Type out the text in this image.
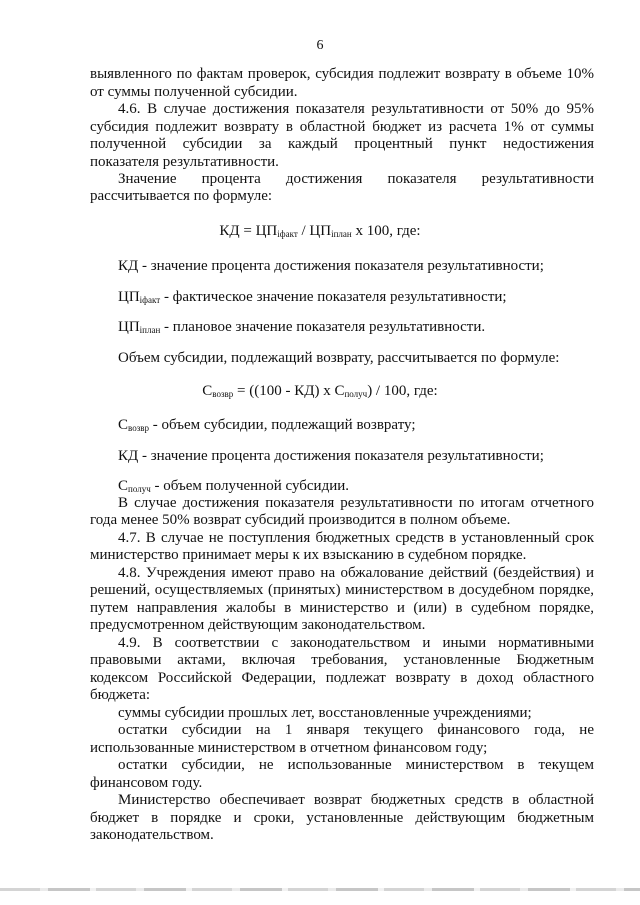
6
выявленного по фактам проверок, субсидия подлежит возврату в объеме 10%
от суммы полученной субсидии.
4.6. В случае достижения показателя результативности от 50% до 95%
субсидия подлежит возврату в областной бюджет из расчета 1% от суммы
полученной субсидии за каждый процентный пункт недостижения
показателя результативности.
Значение процента достижения показателя результативности
рассчитывается по формуле:
КД = $ЦП_{iфакт} / ЦП_{iплан}$ x 100, где:
КД - значение процента достижения показателя результативности;
$ЦП_{iфакт}$ - фактическое значение показателя результативности;
$ЦП_{iплан}$ - плановое значение показателя результативности.
Объем субсидии, подлежащий возврату, рассчитывается по формуле:
$С_{возвр} = ((100 - КД)$ х $С_{получ}) / 100$, где:
$С_{возвр}$ - объем субсидии, подлежащий возврату;
КД - значение процента достижения показателя результативности;
$С_{получ}$ - объем полученной субсидии.
В случае достижения показателя результативности по итогам отчетного
года менее 50% возврат субсидий производится в полном объеме.
4.7. В случае не поступления бюджетных средств в установленный срок
министерство принимает меры к их взысканию в судебном порядке.
4.8. Учреждения имеют право на обжалование действий (бездействия) и
решений, осуществляемых (принятых) министерством в досудебном порядке,
путем направления жалобы в министерство и (или) в судебном порядке,
предусмотренном действующим законодательством.
4.9. В соответствии с законодательством и иными нормативными
правовыми актами, включая требования, установленные Бюджетным
кодексом Российской Федерации, подлежат возврату в доход областного
бюджета:
суммы субсидии прошлых лет, восстановленные учреждениями;
остатки субсидии на 1 января текущего финансового года, не
использованные министерством в отчетном финансовом году;
остатки субсидии, не использованные министерством в текущем
финансовом году.
Министерство обеспечивает возврат бюджетных средств в областной
бюджет в порядке и сроки, установленные действующим бюджетным
законодательством.
